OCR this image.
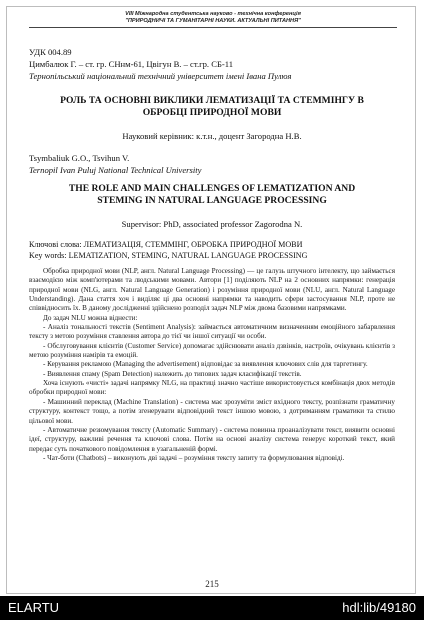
VIII Міжнародна студентська науково - технічна конференція
"ПРИРОДНИЧІ ТА ГУМАНІТАРНІ НАУКИ. АКТУАЛЬНІ ПИТАННЯ"
УДК 004.89
Цимбалюк Г. – ст. гр. СНнм-61, Цвігун В. – ст.гр. СБ-11
Тернопільський національний технічний університет імені Івана Пулюя
РОЛЬ ТА ОСНОВНІ ВИКЛИКИ ЛЕМАТИЗАЦІЇ ТА СТЕММІНГУ В
ОБРОБЦІ ПРИРОДНОЇ МОВИ
Науковий керівник: к.т.н., доцент Загородна Н.В.
Tsymbaliuk G.O., Tsvihun V.
Ternopil Ivan Puluj National Technical University
THE ROLE AND MAIN CHALLENGES OF LEMATIZATION AND
STEMING IN NATURAL LANGUAGE PROCESSING
Supervisor: PhD, associated professor Zagorodna N.
Ключові слова: ЛЕМАТИЗАЦІЯ, СТЕММІНГ, ОБРОБКА ПРИРОДНОЇ МОВИ
Key words: LEMATIZATION, STEMING, NATURAL LANGUAGE PROCESSING

Обробка природної мови (NLP, англ. Natural Language Processing) — це галузь штучного інтелекту, що займається взаємодією між комп'ютерами та людськими мовами. Автори [1] поділяють NLP на 2 основних напрямки: генерація природної мови (NLG, англ. Natural Language Generation) і розуміння природної мови (NLU, англ. Natural Language Understanding). Дана стаття хоч і виділяє ці два основні напрямки та наводить сфери застосування NLP, проте не співвідносить їх. В даному дослідженні здійснено розподіл задач NLP між двома базовими напрямками.

До задач NLU можна віднести:

- Аналіз тональності текстів (Sentiment Analysis): займається автоматичним визначенням емоційного забарвлення тексту з метою розуміння ставлення автора до тієї чи іншої ситуації чи особи.

- Обслуговування клієнтів (Customer Service) допомагає здійснювати аналіз дзвінків, настроїв, очікувань клієнтів з метою розуміння намірів та емоцій.

- Керування рекламою (Managing the advertisement) відповідає за виявлення ключових слів для таргетингу.

- Виявлення спаму (Spam Detection) належить до типових задач класифікації текстів.

Хоча існують «чисті» задачі напрямку NLG, на практиці значно частіше використовується комбінація двох методів обробки природної мови:

- Машинний переклад (Machine Translation) - система має зрозуміти зміст вхідного тексту, розпізнати граматичну структуру, контекст тощо, а потім згенерувати відповідний текст іншою мовою, з дотриманням граматики та стилю цільової мови.

- Автоматичне резюмування тексту (Automatic Summary) - система повинна проаналізувати текст, виявити основні ідеї, структуру, важливі речення та ключові слова. Потім на основі аналізу система генерує короткий текст, який передає суть початкового повідомлення в узагальненій формі.

- Чат-боти (Chatbots) – виконують дві задачі – розуміння тексту запиту та формулювання відповіді.

215
ELARTU	hdl:lib/49180
